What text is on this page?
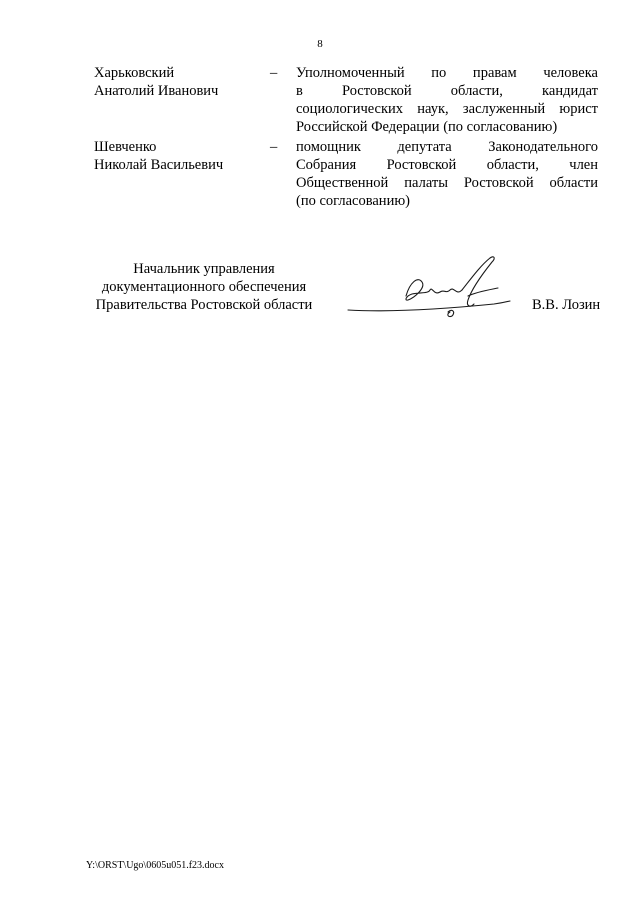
8
Харьковский
Анатолий Иванович
– Уполномоченный по правам человека
в Ростовской области, кандидат
социологических наук, заслуженный юрист
Российской Федерации (по согласованию)
Шевченко
Николай Васильевич
– помощник депутата Законодательного
Собрания Ростовской области, член
Общественной палаты Ростовской области
(по согласованию)
Начальник управления
документационного обеспечения
Правительства Ростовской области	В.В. Лозин
Y:\ORST\Ugo\0605u051.f23.docx
